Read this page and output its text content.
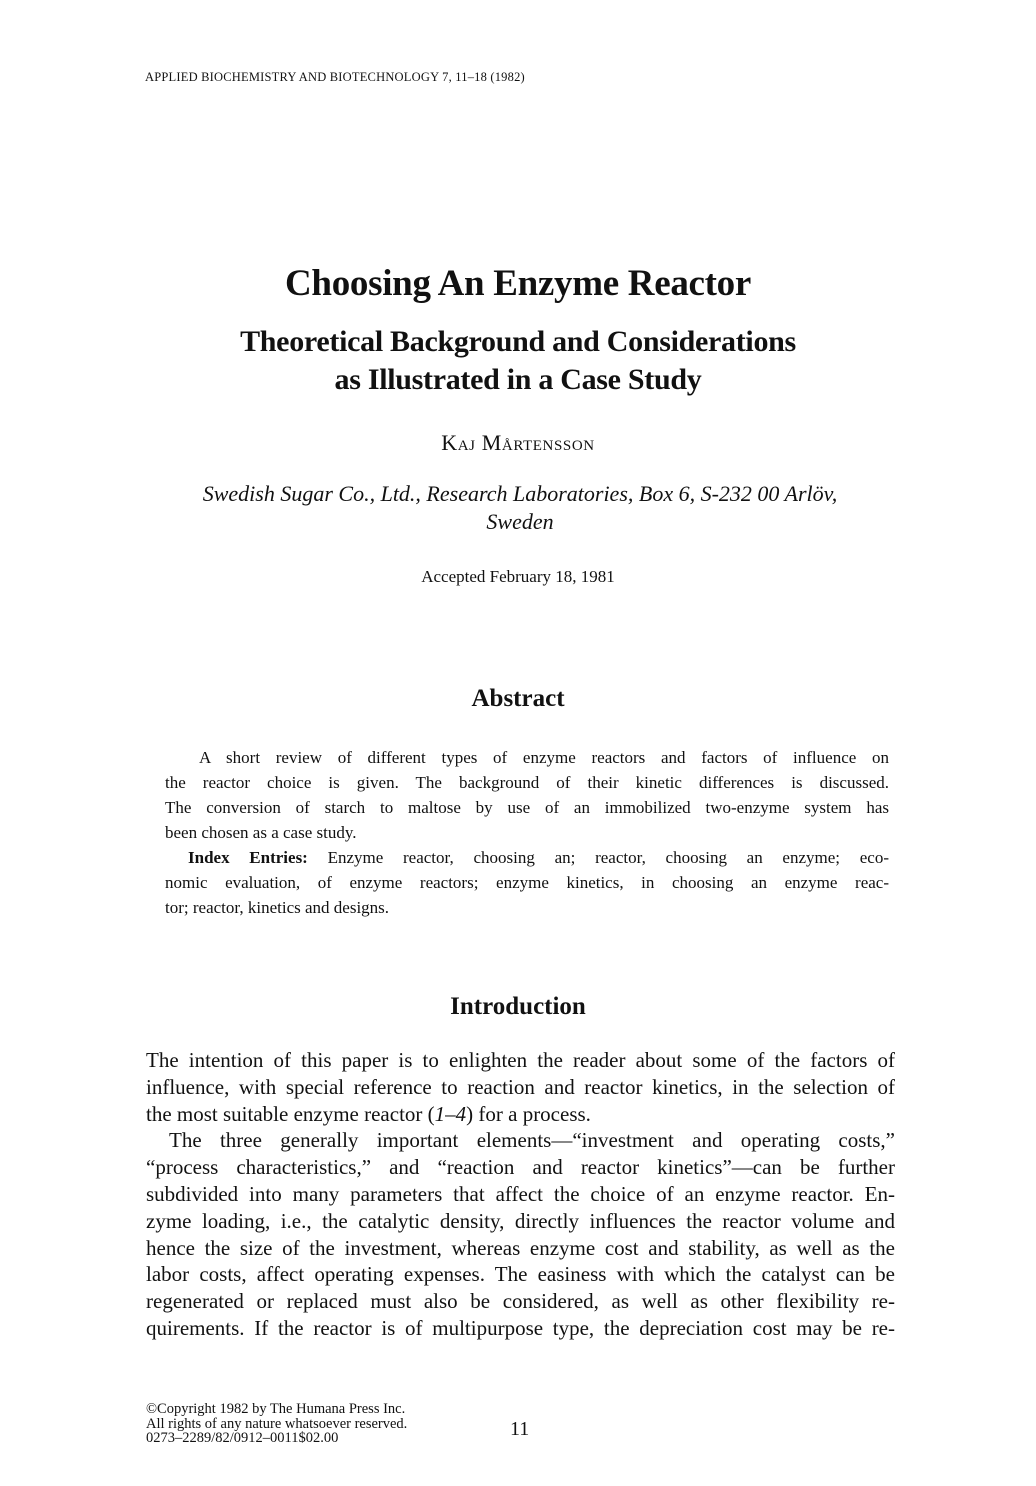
APPLIED BIOCHEMISTRY AND BIOTECHNOLOGY 7, 11–18 (1982)
Choosing An Enzyme Reactor
Theoretical Background and Considerations
as Illustrated in a Case Study
Kaj Mårtensson
Swedish Sugar Co., Ltd., Research Laboratories, Box 6, S-232 00 Arlöv,
Sweden
Accepted February 18, 1981
Abstract

A short review of different types of enzyme reactors and factors of influence on
the reactor choice is given. The background of their kinetic differences is discussed.
The conversion of starch to maltose by use of an immobilized two-enzyme system has
been chosen as a case study.

Index Entries: Enzyme reactor, choosing an; reactor, choosing an enzyme; eco-
nomic evaluation, of enzyme reactors; enzyme kinetics, in choosing an enzyme reac-
tor; reactor, kinetics and designs.

Introduction

The intention of this paper is to enlighten the reader about some of the factors of
influence, with special reference to reaction and reactor kinetics, in the selection of
the most suitable enzyme reactor (1–4) for a process.

The three generally important elements—“investment and operating costs,”
“process characteristics,” and “reaction and reactor kinetics”—can be further
subdivided into many parameters that affect the choice of an enzyme reactor. En-
zyme loading, i.e., the catalytic density, directly influences the reactor volume and
hence the size of the investment, whereas enzyme cost and stability, as well as the
labor costs, affect operating expenses. The easiness with which the catalyst can be
regenerated or replaced must also be considered, as well as other flexibility re-
quirements. If the reactor is of multipurpose type, the depreciation cost may be re-

©Copyright 1982 by The Humana Press Inc.
All rights of any nature whatsoever reserved.
0273–2289/82/0912–0011$02.00	11
